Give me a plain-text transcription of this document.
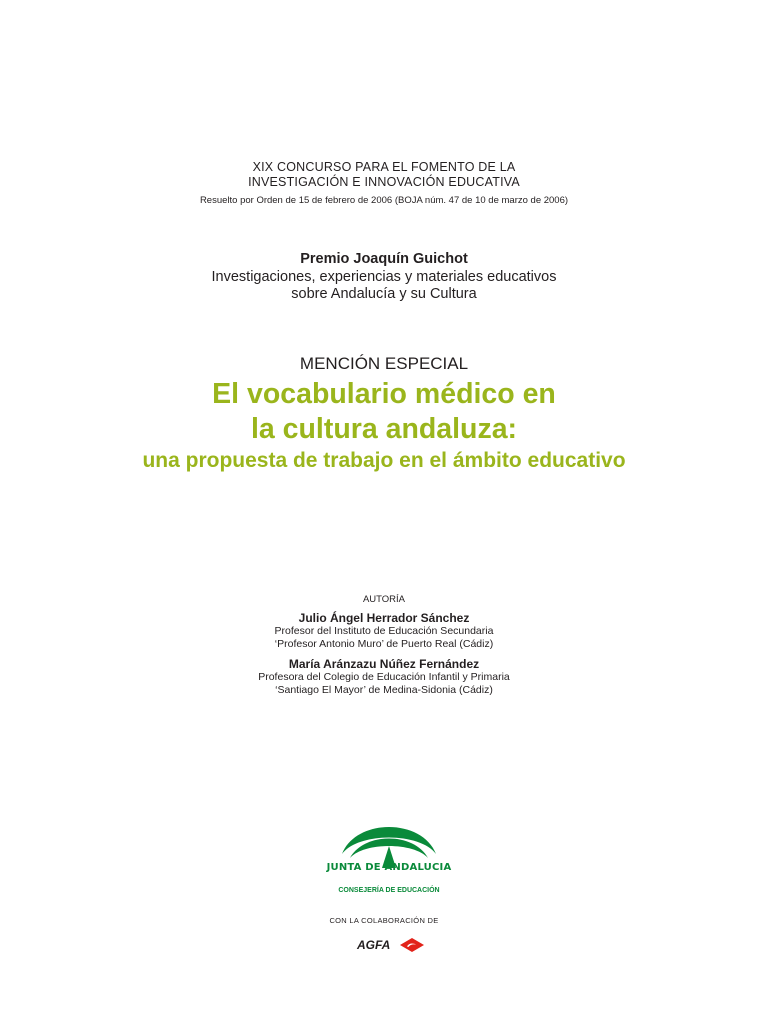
XIX CONCURSO PARA EL FOMENTO DE LA
INVESTIGACIÓN E INNOVACIÓN EDUCATIVA
Resuelto por Orden de 15 de febrero de 2006 (BOJA núm. 47 de 10 de marzo de 2006)
Premio Joaquín Guichot
Investigaciones, experiencias y materiales educativos
sobre Andalucía y su Cultura
MENCIÓN ESPECIAL
El vocabulario médico en
la cultura andaluza:
una propuesta de trabajo en el ámbito educativo
AUTORÍA
Julio Ángel Herrador Sánchez
Profesor del Instituto de Educación Secundaria
‘Profesor Antonio Muro’ de Puerto Real (Cádiz)
María Aránzazu Núñez Fernández
Profesora del Colegio de Educación Infantil y Primaria
‘Santiago El Mayor’ de Medina-Sidonia (Cádiz)
JUNTA DE ANDALUCIA
CONSEJERÍA DE EDUCACIÓN
CON LA COLABORACIÓN DE
AGFA
